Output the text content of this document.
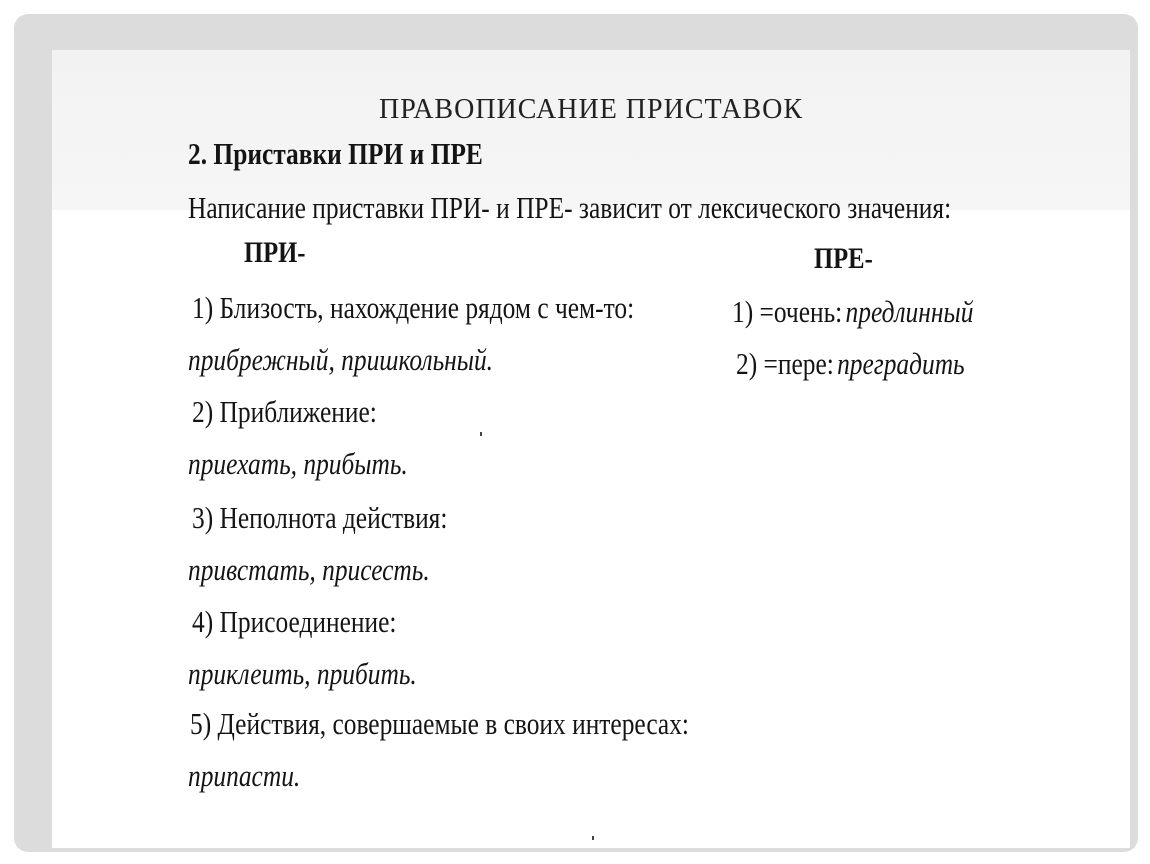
ПРАВОПИСАНИЕ ПРИСТАВОК
2. Приставки ПРИ и ПРЕ
Написание приставки ПРИ- и ПРЕ- зависит от лексического значения:
ПРИ-	ПРЕ-
1) Близость, нахождение рядом с чем-то:
прибрежный, пришкольный.
2) Приближение:
приехать, прибыть.
3) Неполнота действия:
привстать, присесть.
4) Присоединение:
приклеить, прибить.
5) Действия, совершаемые в своих интересах:
припасти.
1) =очень: предлинный
2) =пере: преградить
